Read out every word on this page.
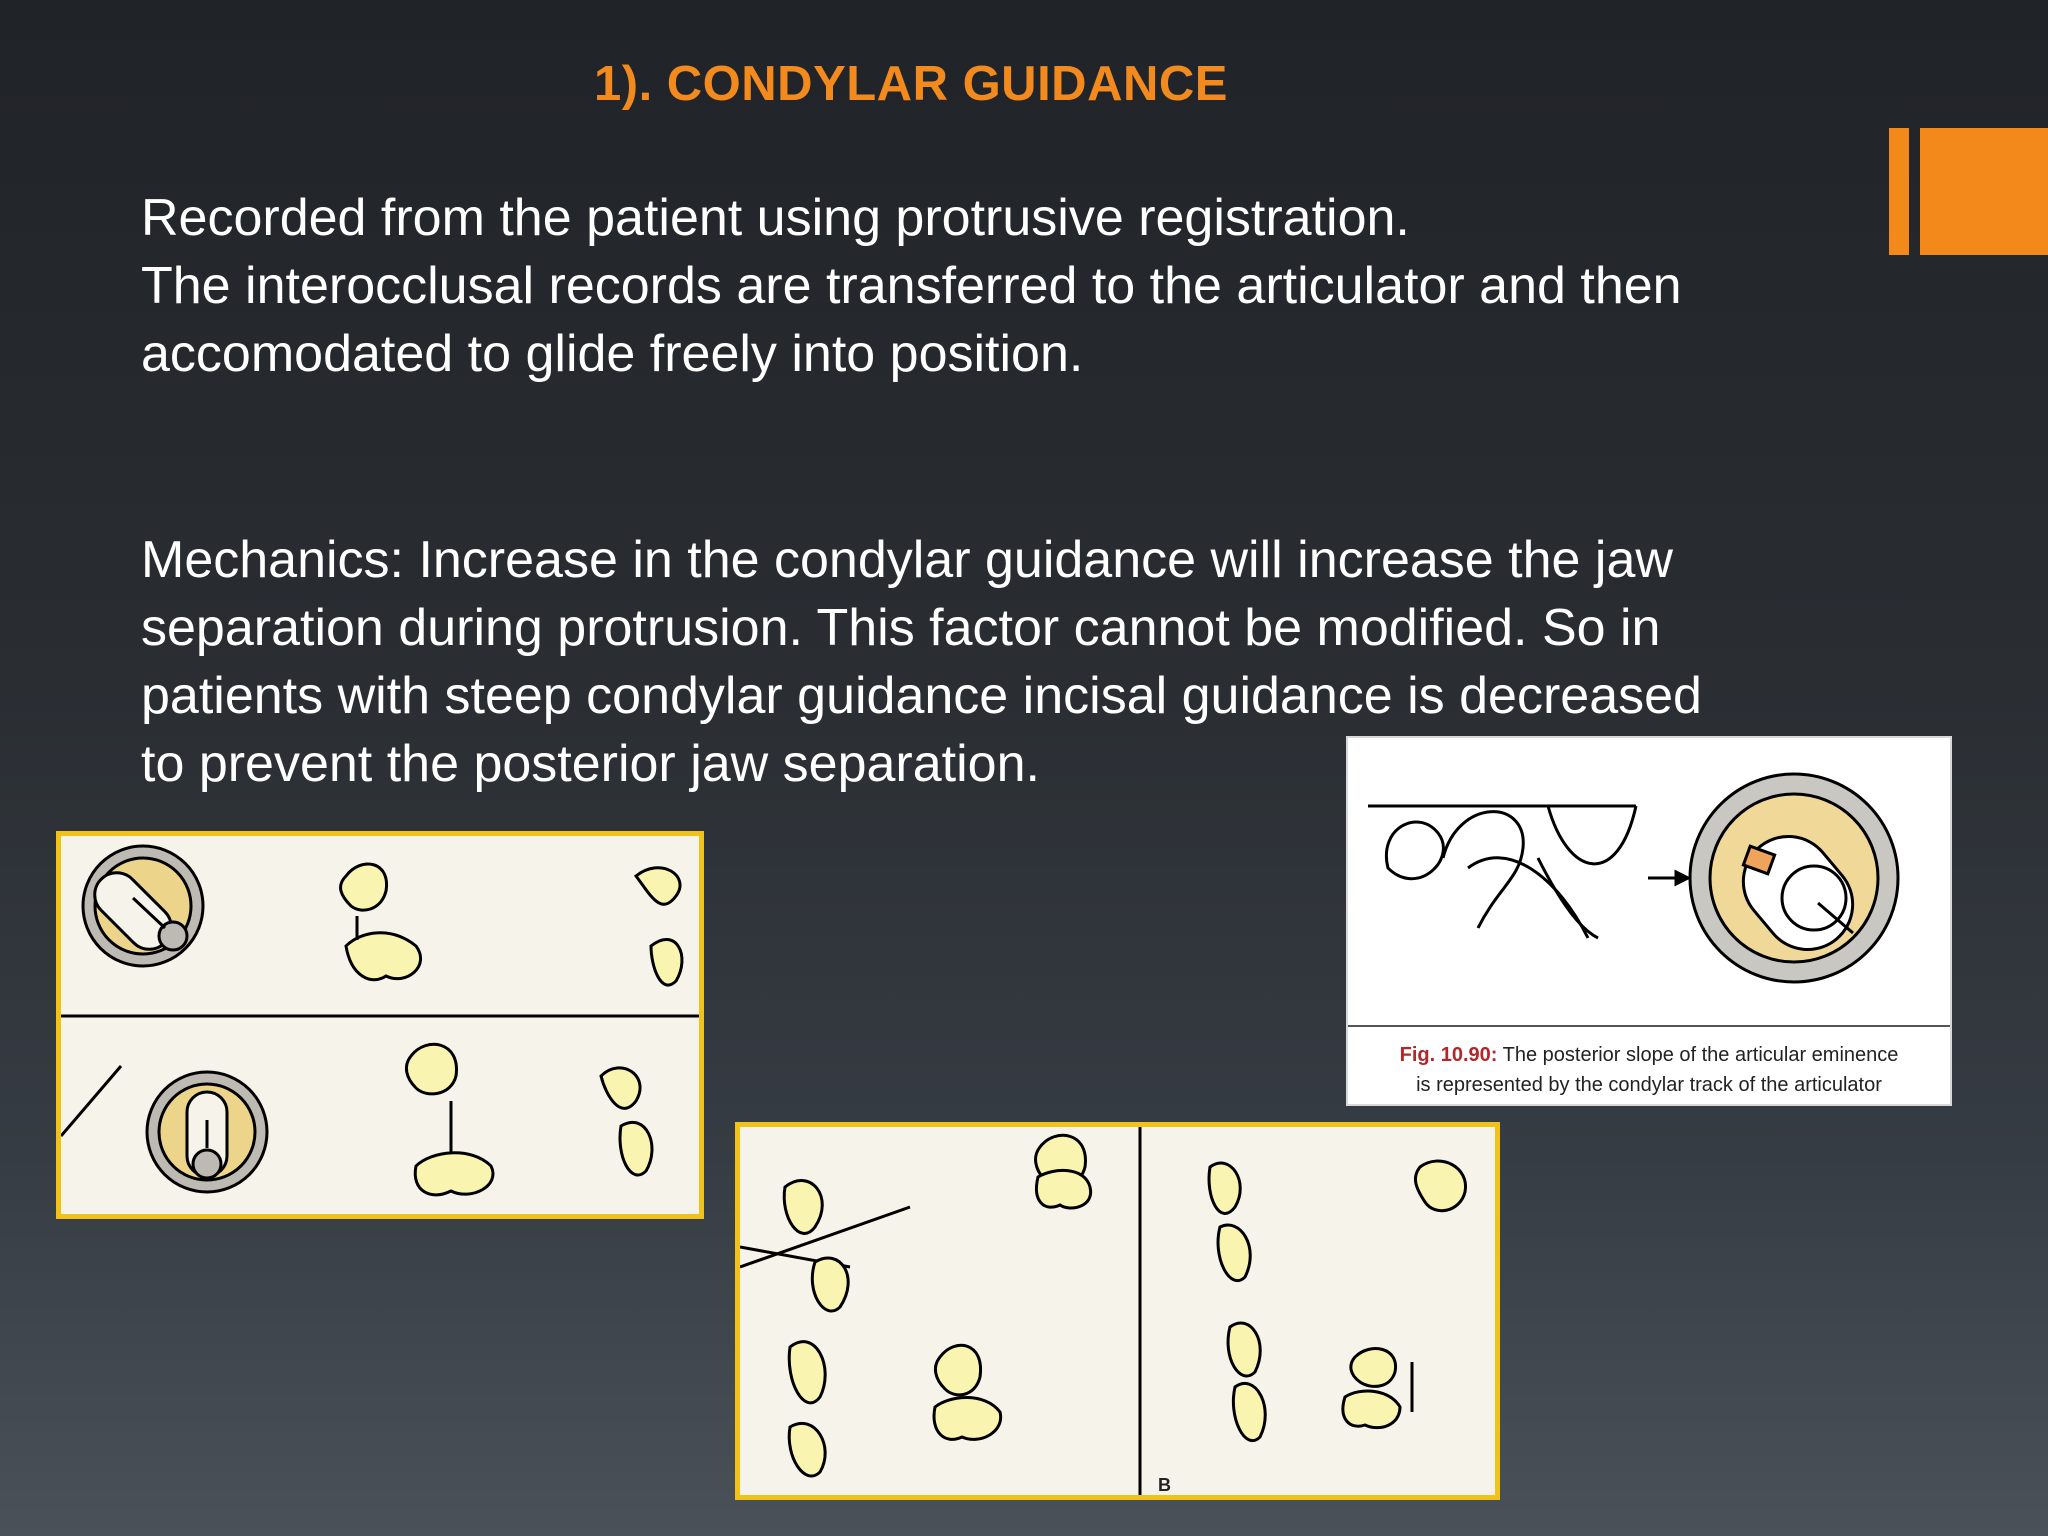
1). CONDYLAR GUIDANCE
Recorded from the patient using protrusive registration.
The interocclusal records are transferred to the articulator and then
accomodated to glide freely into position.
Mechanics: Increase in the condylar guidance will increase the jaw
separation during protrusion. This factor cannot be modified. So in
patients with steep condylar guidance incisal guidance is decreased
to prevent the posterior jaw separation.
Fig. 10.90: The posterior slope of the articular eminence
is represented by the condylar track of the articulator
B
